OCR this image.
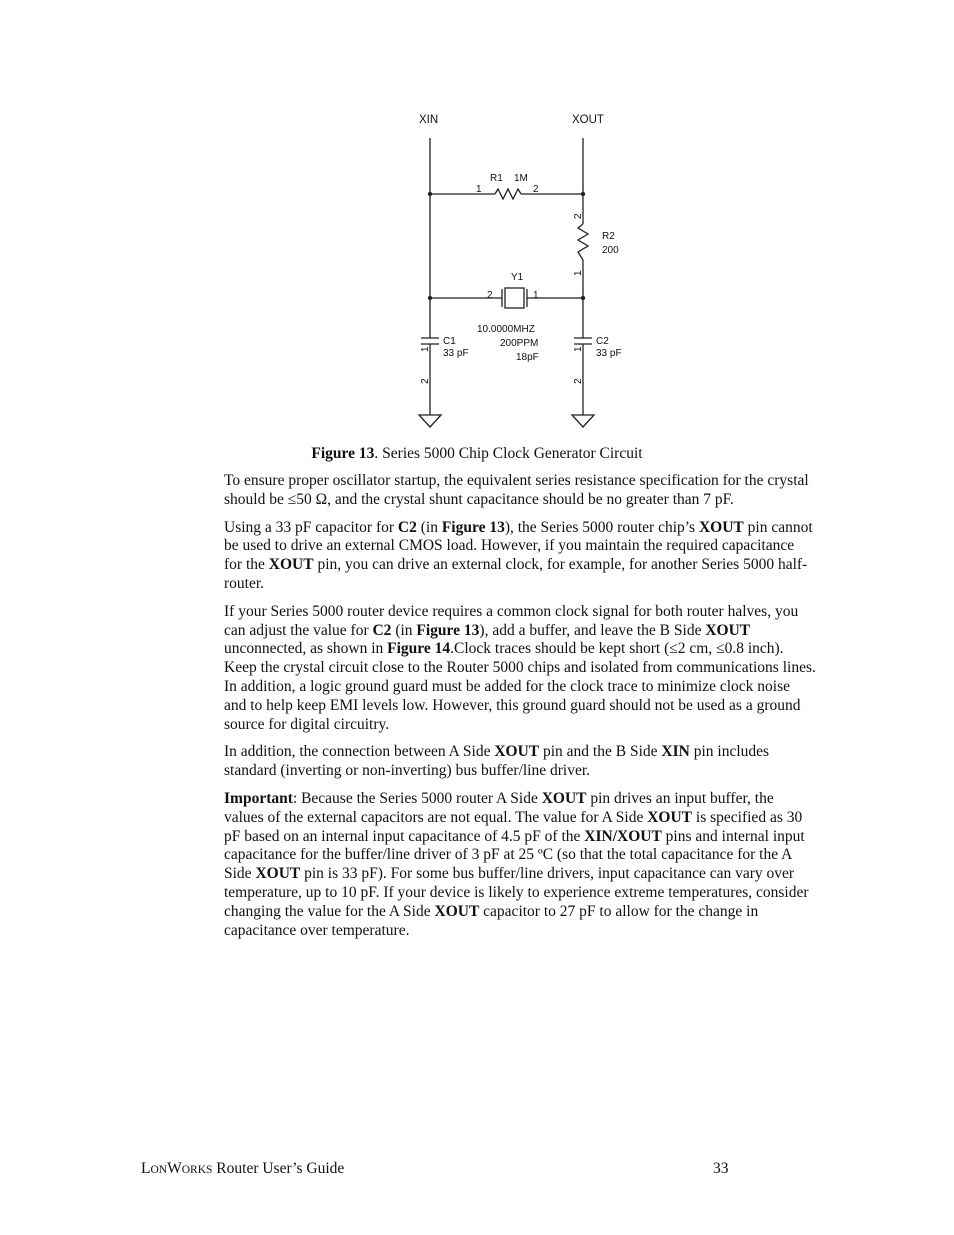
XIN	XOUT
R1 1M
1	2
2
1
R2
200
Y1
2	1
10.0000MHZ
200PPM
18pF
C1
33 pF
1
2
C2
33 pF
1
2
Figure 13. Series 5000 Chip Clock Generator Circuit

To ensure proper oscillator startup, the equivalent series resistance specification for the crystal should be ≤50 Ω, and the crystal shunt capacitance should be no greater than 7 pF.

Using a 33 pF capacitor for C2 (in Figure 13), the Series 5000 router chip’s XOUT pin cannot be used to drive an external CMOS load. However, if you maintain the required capacitance for the XOUT pin, you can drive an external clock, for example, for another Series 5000 half-router.

If your Series 5000 router device requires a common clock signal for both router halves, you can adjust the value for C2 (in Figure 13), add a buffer, and leave the B Side XOUT unconnected, as shown in Figure 14.Clock traces should be kept short (≤2 cm, ≤0.8 inch). Keep the crystal circuit close to the Router 5000 chips and isolated from communications lines. In addition, a logic ground guard must be added for the clock trace to minimize clock noise and to help keep EMI levels low. However, this ground guard should not be used as a ground source for digital circuitry.

In addition, the connection between A Side XOUT pin and the B Side XIN pin includes standard (inverting or non-inverting) bus buffer/line driver.

Important: Because the Series 5000 router A Side XOUT pin drives an input buffer, the values of the external capacitors are not equal. The value for A Side XOUT is specified as 30 pF based on an internal input capacitance of 4.5 pF of the XIN/XOUT pins and internal input capacitance for the buffer/line driver of 3 pF at 25 ºC (so that the total capacitance for the A Side XOUT pin is 33 pF). For some bus buffer/line drivers, input capacitance can vary over temperature, up to 10 pF. If your device is likely to experience extreme temperatures, consider changing the value for the A Side XOUT capacitor to 27 pF to allow for the change in capacitance over temperature.

LONWORKS Router User’s Guide	33
